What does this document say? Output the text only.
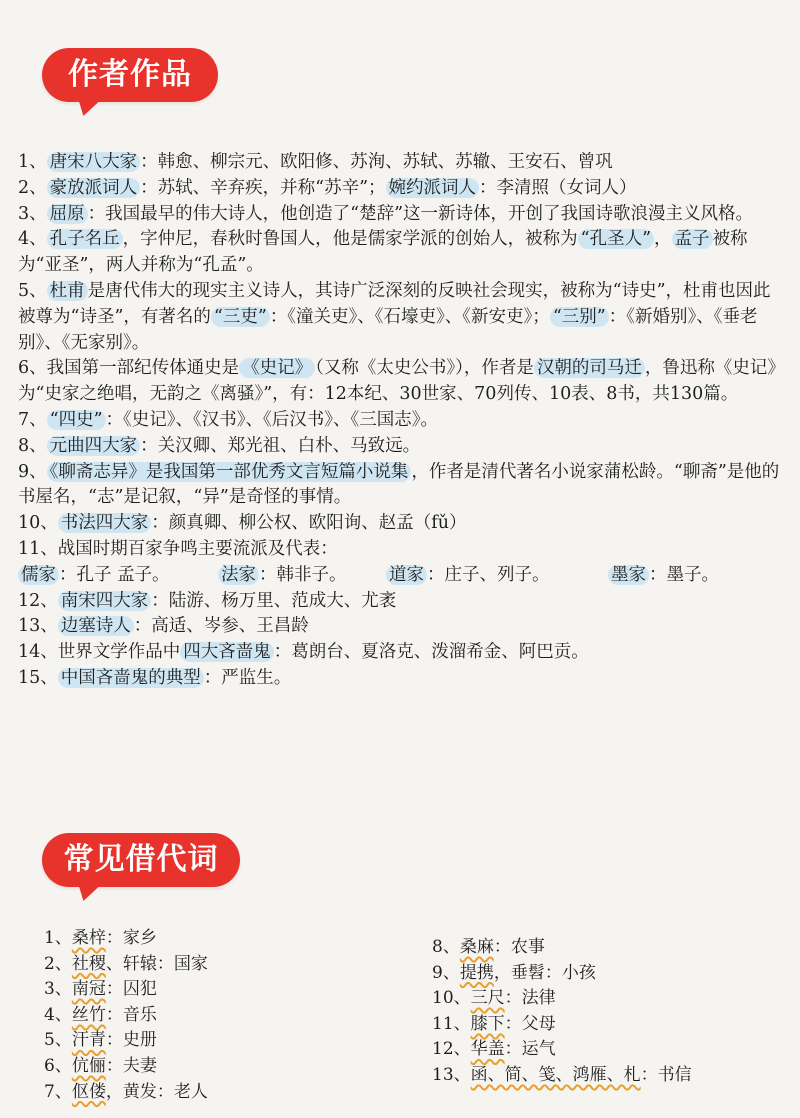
作者作品

1、 唐宋八大家 ：韩愈、柳宗元、欧阳修、苏洵、苏轼、苏辙、王安石、曾巩

2、 豪放派词人 ：苏轼、辛弃疾，并称“苏辛”； 婉约派词人 ：李清照（女词人）

3、 屈原 ：我国最早的伟大诗人，他创造了“楚辞”这一新诗体，开创了我国诗歌浪漫主义风格。

4、 孔子名丘 ，字仲尼，春秋时鲁国人，他是儒家学派的创始人，被称为 “孔圣人” ， 孟子 被称为“亚圣”，两人并称为“孔孟”。

5、 杜甫 是唐代伟大的现实主义诗人，其诗广泛深刻的反映社会现实，被称为“诗史”，杜甫也因此被尊为“诗圣”，有著名的 “三吏” ：《潼关吏》、《石壕吏》、《新安吏》； “三别” ：《新婚别》、《垂老别》、《无家别》。

6、我国第一部纪传体通史是 《史记》 （又称《太史公书》），作者是 汉朝的司马迁 ，鲁迅称《史记》为“史家之绝唱，无韵之《离骚》”，有：12本纪、30世家、70列传、10表、8书，共130篇。

7、 “四史” ：《史记》、《汉书》、《后汉书》、《三国志》。

8、 元曲四大家 ：关汉卿、郑光祖、白朴、马致远。

9、 《聊斋志异》是我国第一部优秀文言短篇小说集 ，作者是清代著名小说家蒲松龄。“聊斋”是他的书屋名，“志”是记叙，“异”是奇怪的事情。

10、 书法四大家 ：颜真卿、柳公权、欧阳询、赵孟（fǔ）

11、战国时期百家争鸣主要流派及代表：

儒家 ：孔子 孟子。	法家 ：韩非子。	道家 ：庄子、列子。	墨家 ：墨子。

12、 南宋四大家 ：陆游、杨万里、范成大、尤袤

13、 边塞诗人 ：高适、岑参、王昌龄

14、世界文学作品中 四大吝啬鬼 ：葛朗台、夏洛克、泼溜希金、阿巴贡。

15、 中国吝啬鬼的典型 ：严监生。

常见借代词
1、桑梓：家乡
2、社稷、轩辕：国家
3、南冠：囚犯
4、丝竹：音乐
5、汗青：史册
6、伉俪：夫妻
7、伛偻，黄发：老人
8、桑麻：农事
9、提携，垂髫：小孩
10、三尺：法律
11、膝下：父母
12、华盖：运气
13、函、简、笺、鸿雁、札：书信
